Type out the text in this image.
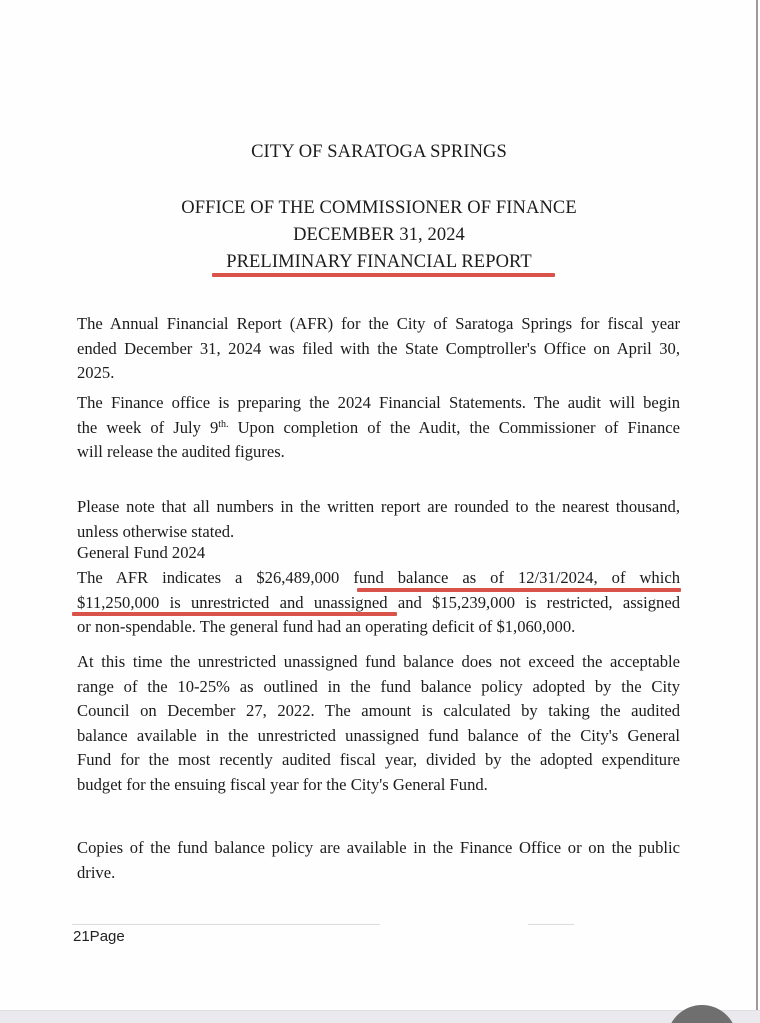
CITY OF SARATOGA SPRINGS
OFFICE OF THE COMMISSIONER OF FINANCE
DECEMBER 31, 2024
PRELIMINARY FINANCIAL REPORT
The Annual Financial Report (AFR) for the City of Saratoga Springs for fiscal year
ended December 31, 2024 was filed with the State Comptroller's Office on April 30,
2025.
The Finance office is preparing the 2024 Financial Statements. The audit will begin
the week of July $9^{th.}$ Upon completion of the Audit, the Commissioner of Finance
will release the audited figures.
Please note that all numbers in the written report are rounded to the nearest thousand,
unless otherwise stated.
General Fund 2024
The AFR indicates a $26,489,000 fund balance as of 12/31/2024, of which
$11,250,000 is unrestricted and unassigned and $15,239,000 is restricted, assigned
or non-spendable. The general fund had an operating deficit of $1,060,000.
At this time the unrestricted unassigned fund balance does not exceed the acceptable
range of the 10-25% as outlined in the fund balance policy adopted by the City
Council on December 27, 2022. The amount is calculated by taking the audited
balance available in the unrestricted unassigned fund balance of the City's General
Fund for the most recently audited fiscal year, divided by the adopted expenditure
budget for the ensuing fiscal year for the City's General Fund.
Copies of the fund balance policy are available in the Finance Office or on the public
drive.
21Page
